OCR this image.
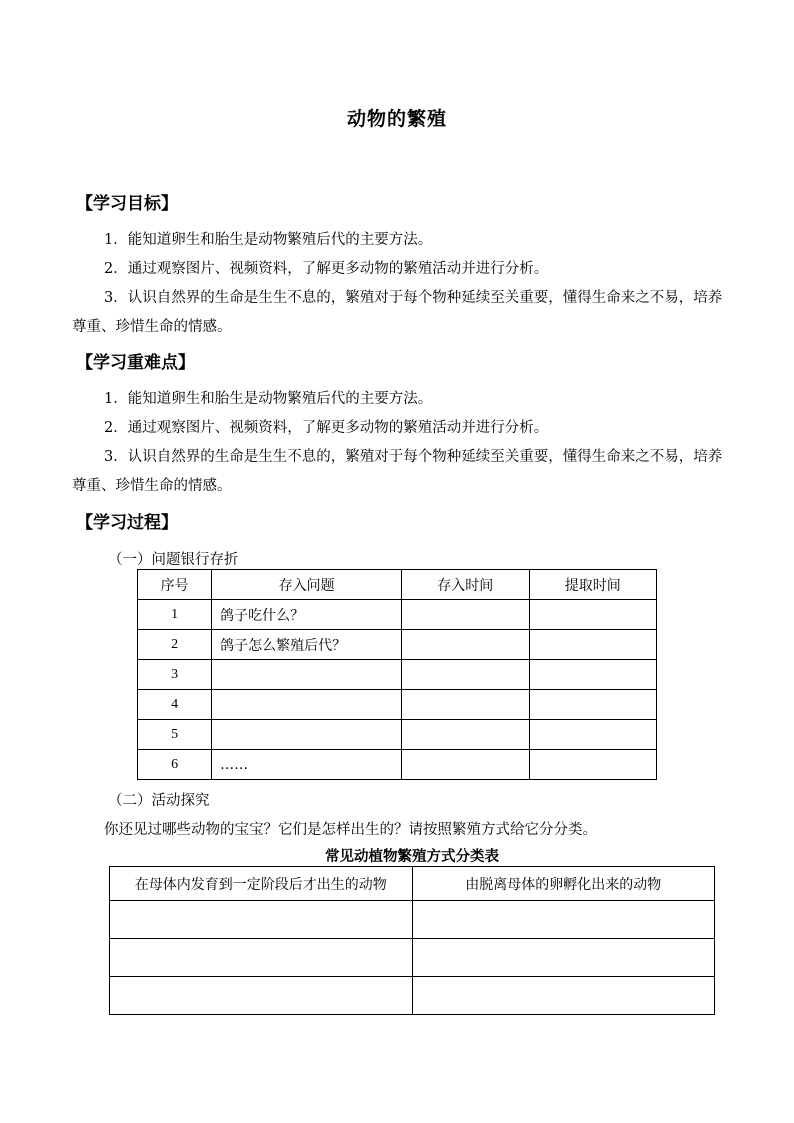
动物的繁殖
【学习目标】

1．能知道卵生和胎生是动物繁殖后代的主要方法。

2．通过观察图片、视频资料，了解更多动物的繁殖活动并进行分析。

3．认识自然界的生命是生生不息的，繁殖对于每个物种延续至关重要，懂得生命来之不易，培养尊重、珍惜生命的情感。

【学习重难点】

1．能知道卵生和胎生是动物繁殖后代的主要方法。

2．通过观察图片、视频资料，了解更多动物的繁殖活动并进行分析。

3．认识自然界的生命是生生不息的，繁殖对于每个物种延续至关重要，懂得生命来之不易，培养尊重、珍惜生命的情感。

【学习过程】
（一）问题银行存折
序号	存入问题	存入时间	提取时间
1	鸽子吃什么？		
2	鸽子怎么繁殖后代？		
3			
4			
5			
6	……		
（二）活动探究
你还见过哪些动物的宝宝？它们是怎样出生的？请按照繁殖方式给它分分类。
常见动植物繁殖方式分类表
在母体内发育到一定阶段后才出生的动物	由脱离母体的卵孵化出来的动物
